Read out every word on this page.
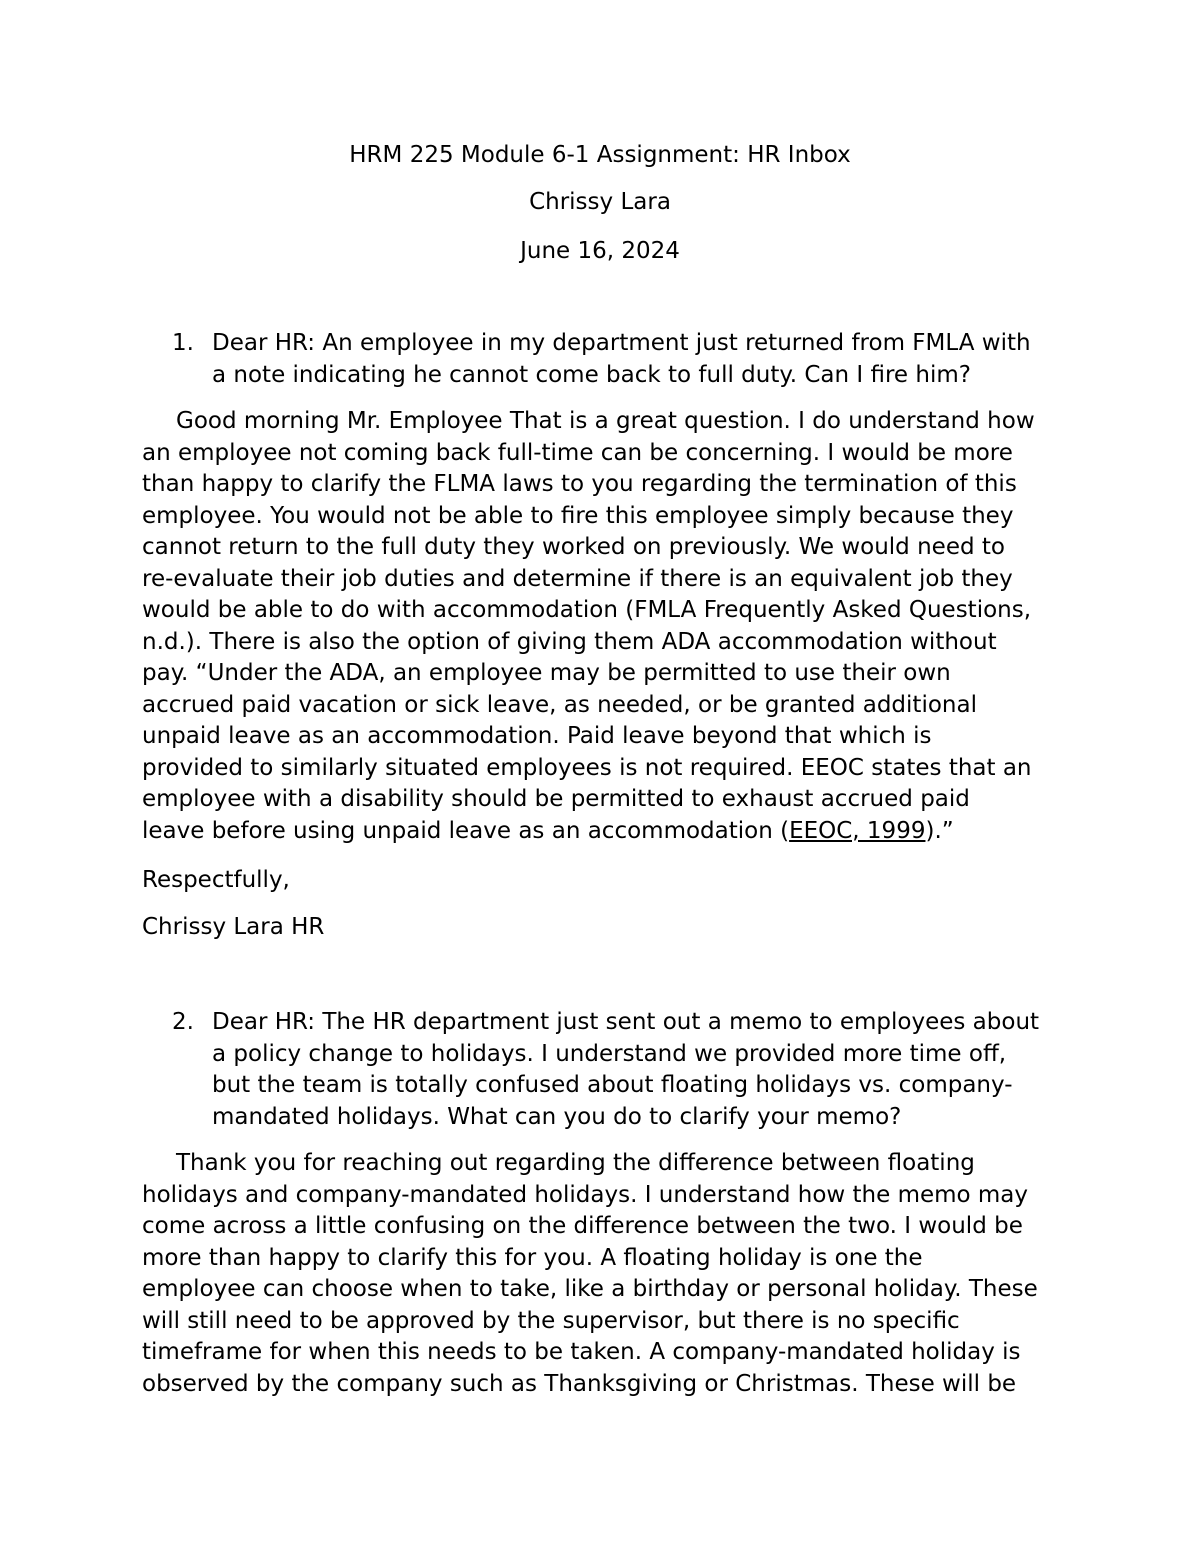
HRM 225 Module 6-1 Assignment: HR Inbox
Chrissy Lara
June 16, 2024
1. Dear HR: An employee in my department just returned from FMLA with
a note indicating he cannot come back to full duty. Can I fire him?
Good morning Mr. Employee That is a great question. I do understand how
an employee not coming back full-time can be concerning. I would be more
than happy to clarify the FLMA laws to you regarding the termination of this
employee. You would not be able to fire this employee simply because they
cannot return to the full duty they worked on previously. We would need to
re-evaluate their job duties and determine if there is an equivalent job they
would be able to do with accommodation (FMLA Frequently Asked Questions,
n.d.). There is also the option of giving them ADA accommodation without
pay. “Under the ADA, an employee may be permitted to use their own
accrued paid vacation or sick leave, as needed, or be granted additional
unpaid leave as an accommodation. Paid leave beyond that which is
provided to similarly situated employees is not required. EEOC states that an
employee with a disability should be permitted to exhaust accrued paid
leave before using unpaid leave as an accommodation (EEOC, 1999).”
Respectfully,
Chrissy Lara HR
2. Dear HR: The HR department just sent out a memo to employees about
a policy change to holidays. I understand we provided more time off,
but the team is totally confused about floating holidays vs. company-
mandated holidays. What can you do to clarify your memo?
Thank you for reaching out regarding the difference between floating
holidays and company-mandated holidays. I understand how the memo may
come across a little confusing on the difference between the two. I would be
more than happy to clarify this for you. A floating holiday is one the
employee can choose when to take, like a birthday or personal holiday. These
will still need to be approved by the supervisor, but there is no specific
timeframe for when this needs to be taken. A company-mandated holiday is
observed by the company such as Thanksgiving or Christmas. These will be
